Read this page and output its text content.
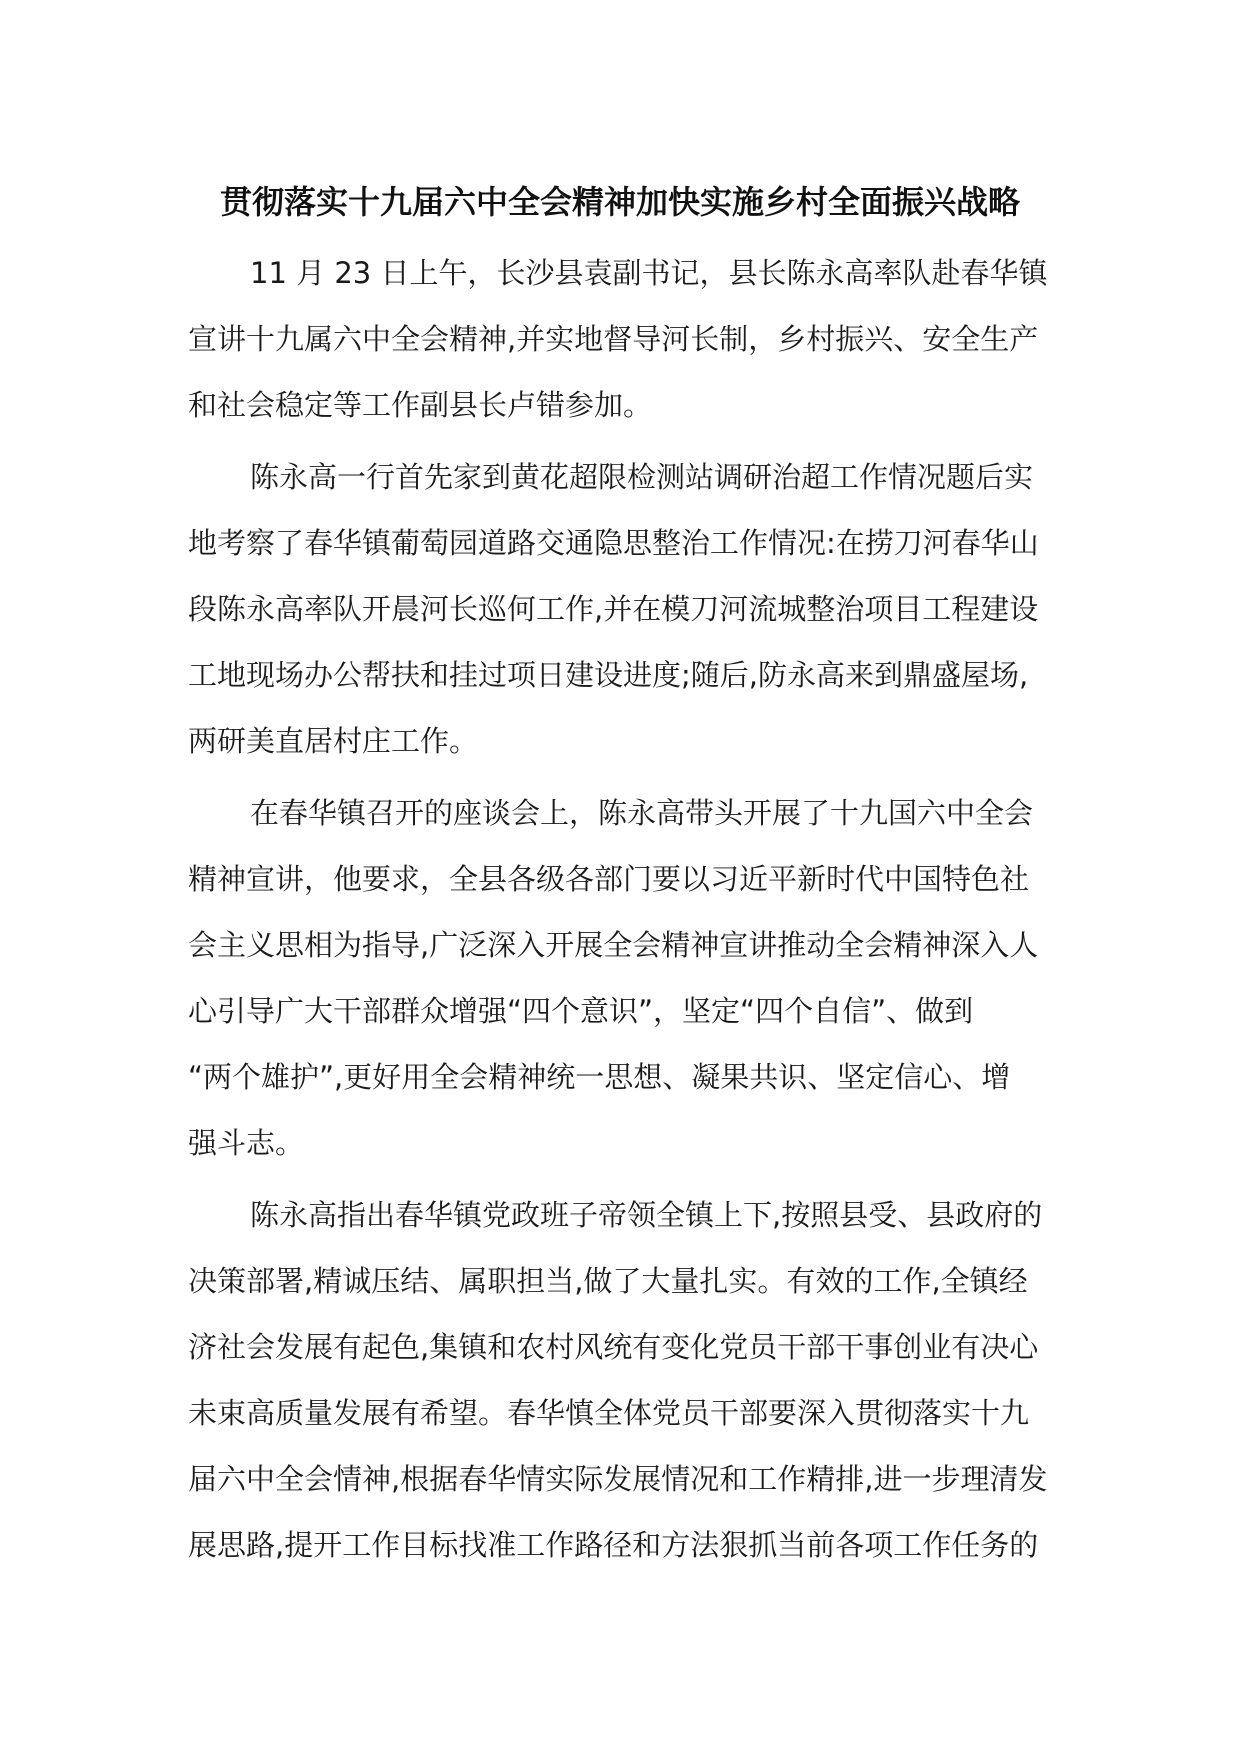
贯彻落实十九届六中全会精神加快实施乡村全面振兴战略
11 月 23 日上午，长沙县袁副书记，县长陈永高率队赴春华镇
宣讲十九属六中全会精神,并实地督导河长制，乡村振兴、安全生产
和社会稳定等工作副县长卢错参加。
陈永高一行首先家到黄花超限检测站调研治超工作情况题后实
地考察了春华镇葡萄园道路交通隐思整治工作情况:在捞刀河春华山
段陈永高率队开晨河长巡何工作,并在模刀河流城整治项目工程建设
工地现场办公帮扶和挂过项日建设进度;随后,防永高来到鼎盛屋场,
两研美直居村庄工作。
在春华镇召开的座谈会上，陈永高带头开展了十九国六中全会
精神宣讲，他要求，全县各级各部门要以习近平新时代中国特色社
会主义思相为指导,广泛深入开展全会精神宣讲推动全会精神深入人
心引导广大干部群众增强“四个意识”，坚定“四个自信”、做到
“两个雄护”,更好用全会精神统一思想、凝果共识、坚定信心、增
强斗志。
陈永高指出春华镇党政班子帝领全镇上下,按照县受、县政府的
决策部署,精诚压结、属职担当,做了大量扎实。有效的工作,全镇经
济社会发展有起色,集镇和农村风统有变化党员干部干事创业有决心
未束高质量发展有希望。春华慎全体党员干部要深入贯彻落实十九
届六中全会情神,根据春华情实际发展情况和工作精排,进一步理清发
展思路,提开工作目标找准工作路径和方法狠抓当前各项工作任务的
